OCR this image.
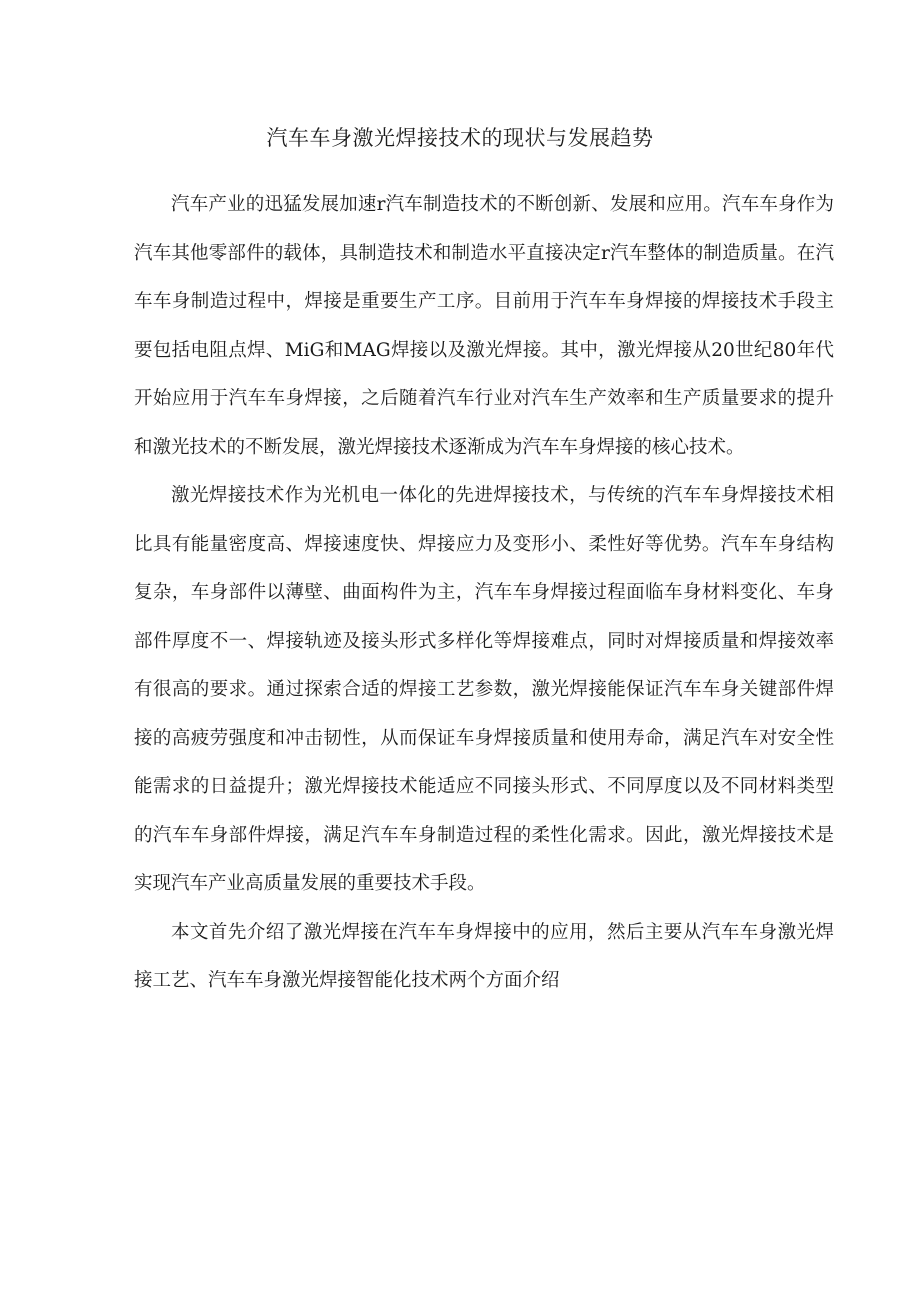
汽车车身激光焊接技术的现状与发展趋势

汽车产业的迅猛发展加速r汽车制造技术的不断创新、发展和应用。汽车车身作为汽车其他零部件的载体，具制造技术和制造水平直接决定r汽车整体的制造质量。在汽车车身制造过程中，焊接是重要生产工序。目前用于汽车车身焊接的焊接技术手段主要包括电阻点焊、MiG和MAG焊接以及激光焊接。其中，激光焊接从20世纪80年代开始应用于汽车车身焊接，之后随着汽车行业对汽车生产效率和生产质量要求的提升和激光技术的不断发展，激光焊接技术逐渐成为汽车车身焊接的核心技术。

激光焊接技术作为光机电一体化的先进焊接技术，与传统的汽车车身焊接技术相比具有能量密度高、焊接速度快、焊接应力及变形小、柔性好等优势。汽车车身结构复杂，车身部件以薄壁、曲面构件为主，汽车车身焊接过程面临车身材料变化、车身部件厚度不一、焊接轨迹及接头形式多样化等焊接难点，同时对焊接质量和焊接效率有很高的要求。通过探索合适的焊接工艺参数，激光焊接能保证汽车车身关键部件焊接的高疲劳强度和冲击韧性，从而保证车身焊接质量和使用寿命，满足汽车对安全性能需求的日益提升；激光焊接技术能适应不同接头形式、不同厚度以及不同材料类型的汽车车身部件焊接，满足汽车车身制造过程的柔性化需求。因此，激光焊接技术是实现汽车产业高质量发展的重要技术手段。

本文首先介绍了激光焊接在汽车车身焊接中的应用，然后主要从汽车车身激光焊接工艺、汽车车身激光焊接智能化技术两个方面介绍
